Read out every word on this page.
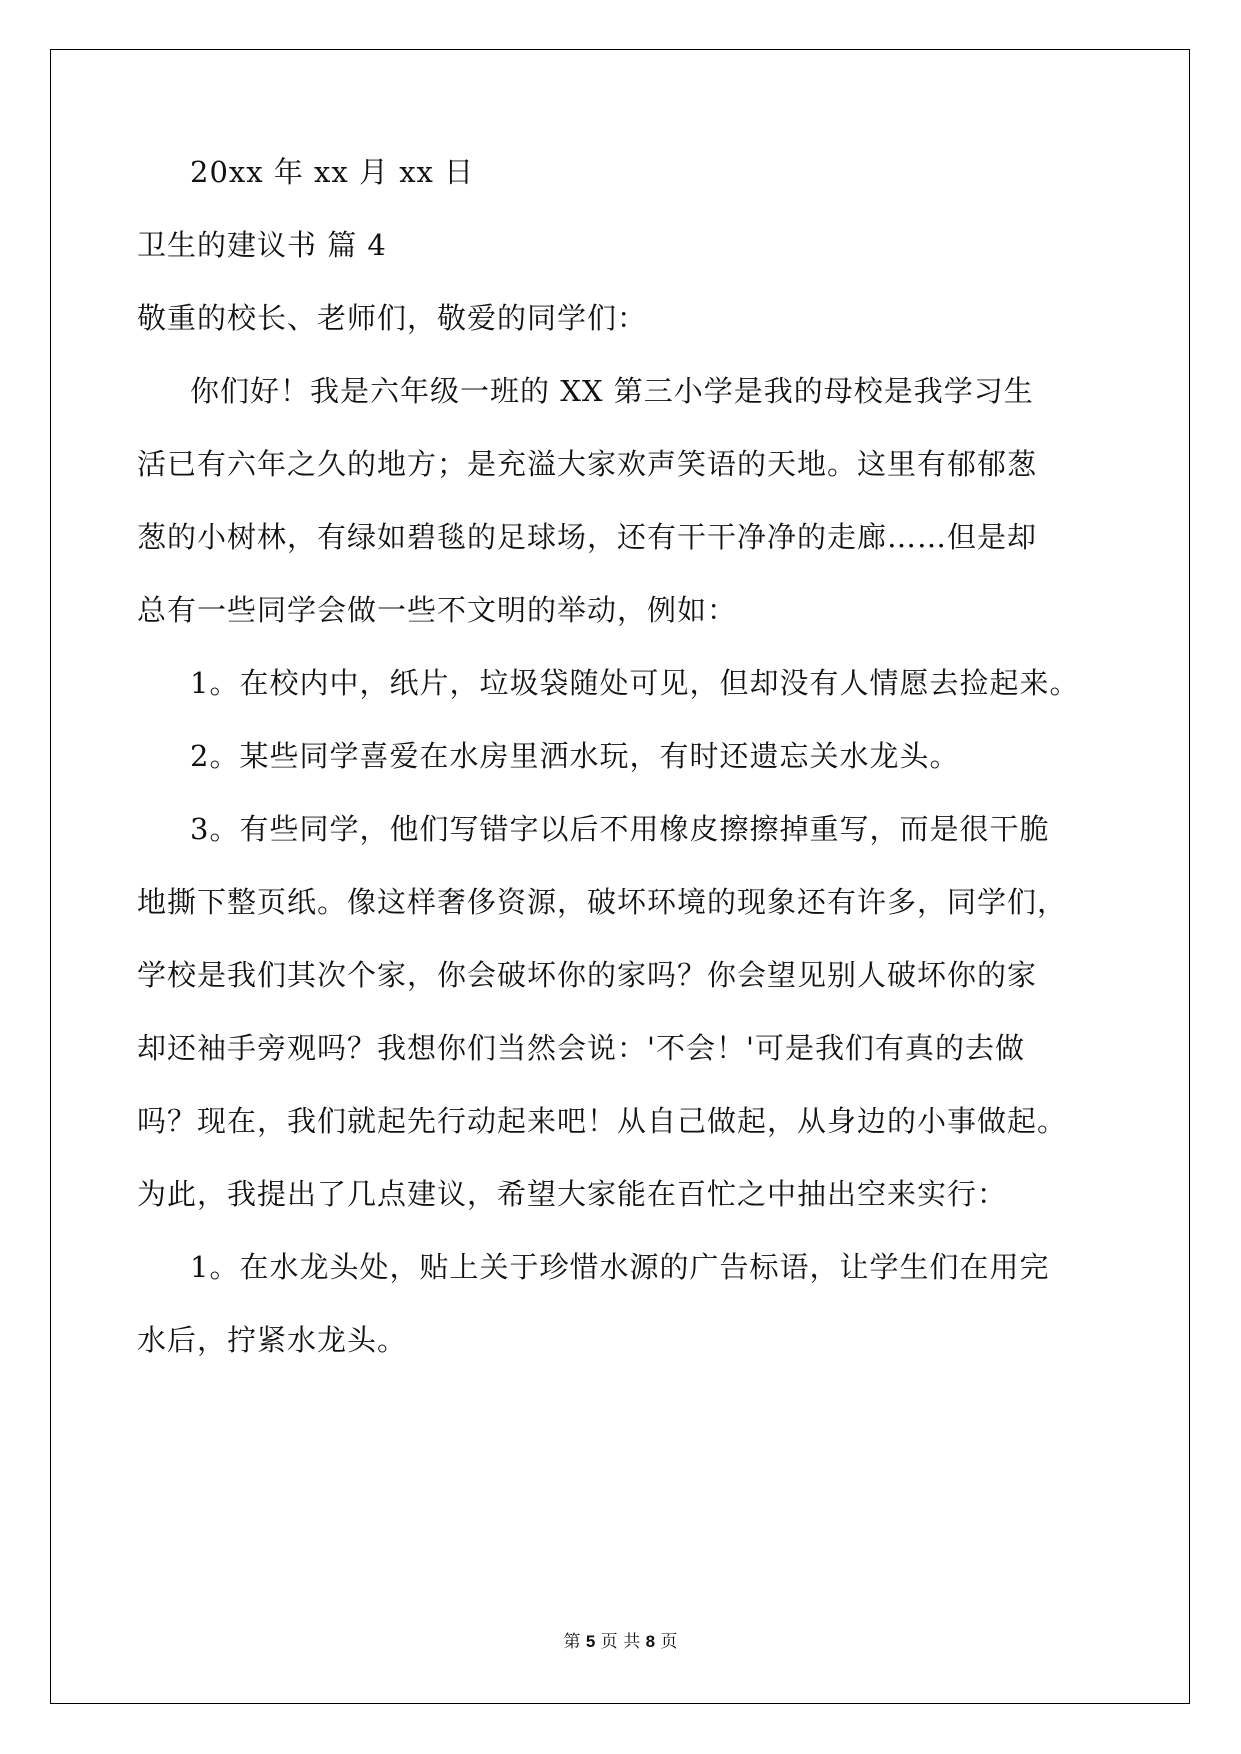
20xx 年 xx 月 xx 日

卫生的建议书 篇 4

敬重的校长、老师们，敬爱的同学们：

你们好！我是六年级一班的 XX 第三小学是我的母校是我学习生

活已有六年之久的地方；是充溢大家欢声笑语的天地。这里有郁郁葱

葱的小树林，有绿如碧毯的足球场，还有干干净净的走廊……但是却

总有一些同学会做一些不文明的举动，例如：

1。在校内中，纸片，垃圾袋随处可见，但却没有人情愿去捡起来。

2。某些同学喜爱在水房里洒水玩，有时还遗忘关水龙头。

3。有些同学，他们写错字以后不用橡皮擦擦掉重写，而是很干脆

地撕下整页纸。像这样奢侈资源，破坏环境的现象还有许多，同学们，

学校是我们其次个家，你会破坏你的家吗？你会望见别人破坏你的家

却还袖手旁观吗？我想你们当然会说：'不会！'可是我们有真的去做

吗？现在，我们就起先行动起来吧！从自己做起，从身边的小事做起。

为此，我提出了几点建议，希望大家能在百忙之中抽出空来实行：

1。在水龙头处，贴上关于珍惜水源的广告标语，让学生们在用完

水后，拧紧水龙头。

第 5 页 共 8 页
